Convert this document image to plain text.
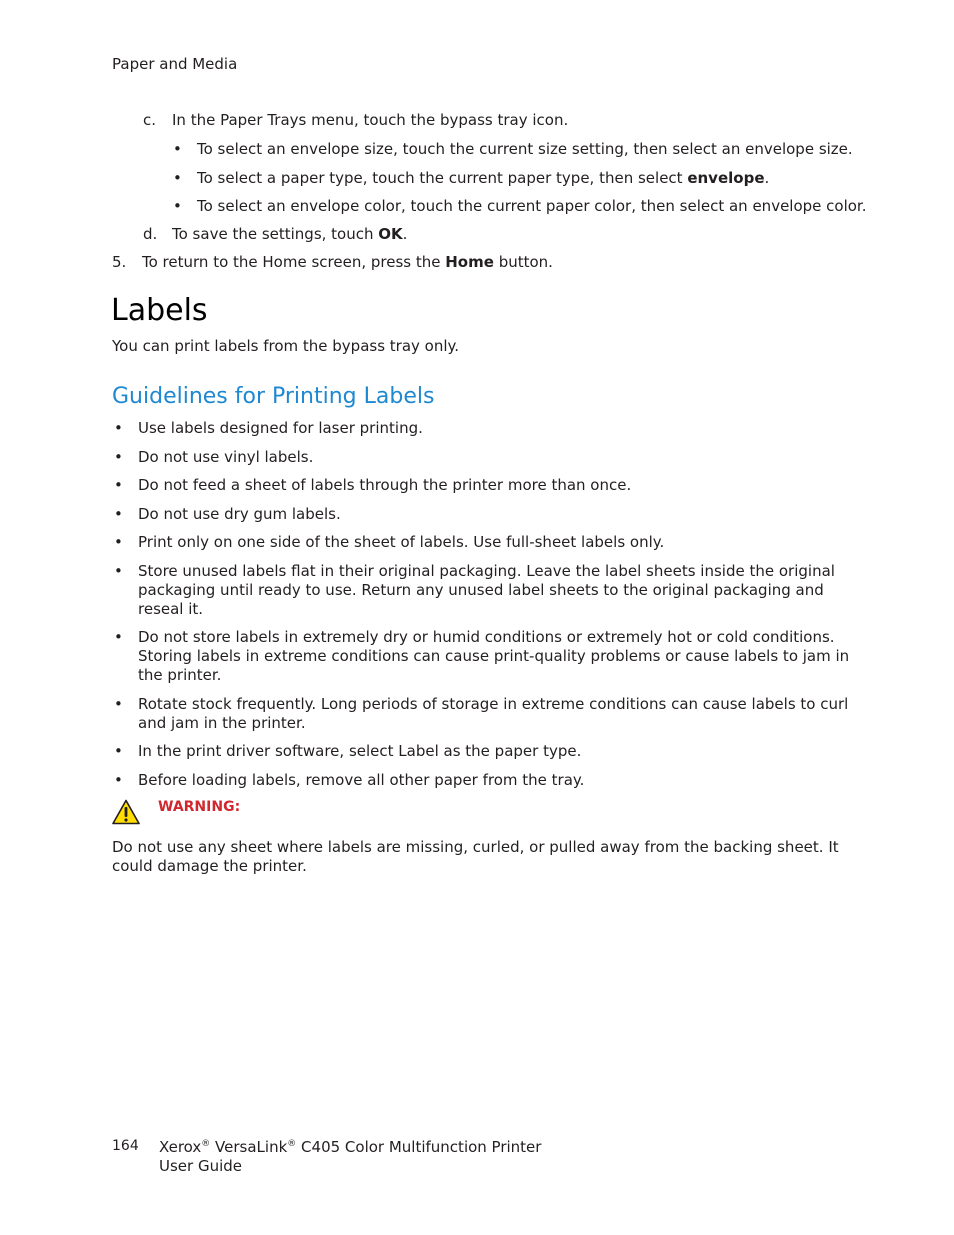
Paper and Media
c. In the Paper Trays menu, touch the bypass tray icon.
• To select an envelope size, touch the current size setting, then select an envelope size.
• To select a paper type, touch the current paper type, then select envelope.
• To select an envelope color, touch the current paper color, then select an envelope color.
d. To save the settings, touch OK.
5. To return to the Home screen, press the Home button.
Labels
You can print labels from the bypass tray only.
Guidelines for Printing Labels
• Use labels designed for laser printing.
• Do not use vinyl labels.
• Do not feed a sheet of labels through the printer more than once.
• Do not use dry gum labels.
• Print only on one side of the sheet of labels. Use full-sheet labels only.
• Store unused labels flat in their original packaging. Leave the label sheets inside the original packaging until ready to use. Return any unused label sheets to the original packaging and reseal it.
• Do not store labels in extremely dry or humid conditions or extremely hot or cold conditions. Storing labels in extreme conditions can cause print-quality problems or cause labels to jam in the printer.
• Rotate stock frequently. Long periods of storage in extreme conditions can cause labels to curl and jam in the printer.
• In the print driver software, select Label as the paper type.
• Before loading labels, remove all other paper from the tray.
WARNING:
Do not use any sheet where labels are missing, curled, or pulled away from the backing sheet. It could damage the printer.
164 Xerox® VersaLink® C405 Color Multifunction Printer
User Guide
